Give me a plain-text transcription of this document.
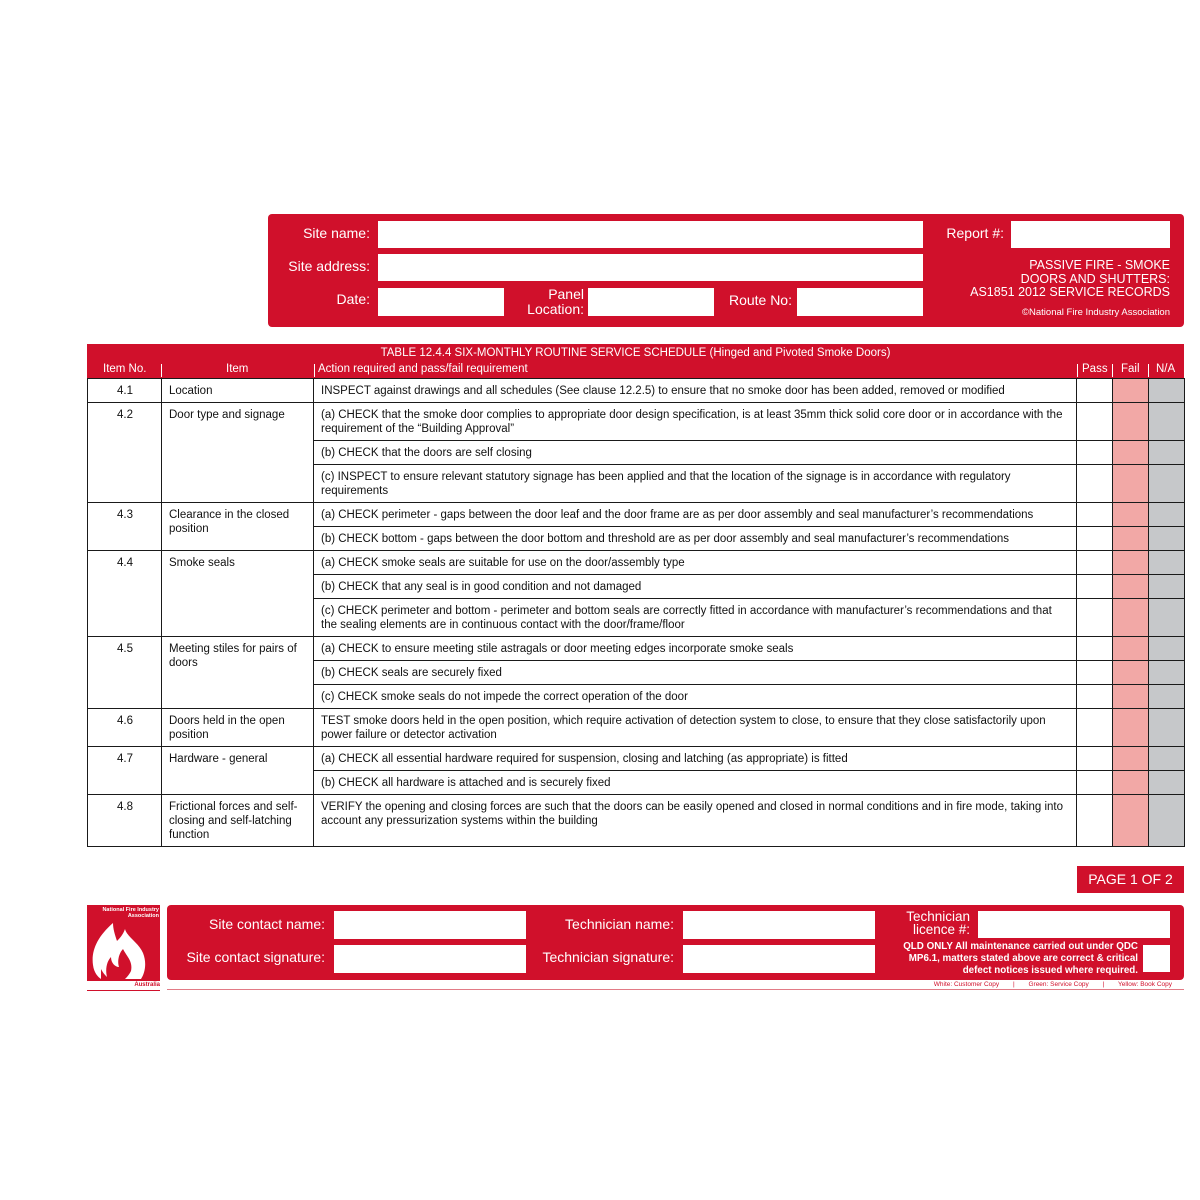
Site name:
Site address:
Date:	Panel
Location:
Route No:
Report #:
PASSIVE FIRE - SMOKE
DOORS AND SHUTTERS:
AS1851 2012 SERVICE RECORDS
©National Fire Industry Association
TABLE 12.4.4 SIX-MONTHLY ROUTINE SERVICE SCHEDULE (Hinged and Pivoted Smoke Doors)
Item No.	Item	Action required and pass/fail requirement	Pass Fail N/A
4.1	Location	INSPECT against drawings and all schedules (See clause 12.2.5) to ensure that no smoke door has been added, removed or modified			
4.2	Door type and signage	(a) CHECK that the smoke door complies to appropriate door design specification, is at least 35mm thick solid core door or in accordance with the requirement of the “Building Approval”			
		(b) CHECK that the doors are self closing			
		(c) INSPECT to ensure relevant statutory signage has been applied and that the location of the signage is in accordance with regulatory requirements			
4.3	Clearance in the closed position	(a) CHECK perimeter - gaps between the door leaf and the door frame are as per door assembly and seal manufacturer’s recommendations			
		(b) CHECK bottom - gaps between the door bottom and threshold are as per door assembly and seal manufacturer’s recommendations			
4.4	Smoke seals	(a) CHECK smoke seals are suitable for use on the door/assembly type			
		(b) CHECK that any seal is in good condition and not damaged			
		(c) CHECK perimeter and bottom - perimeter and bottom seals are correctly fitted in accordance with manufacturer’s recommendations and that the sealing elements are in continuous contact with the door/frame/floor			
4.5	Meeting stiles for pairs of doors	(a) CHECK to ensure meeting stile astragals or door meeting edges incorporate smoke seals			
		(b) CHECK seals are securely fixed			
		(c) CHECK smoke seals do not impede the correct operation of the door			
4.6	Doors held in the open position	TEST smoke doors held in the open position, which require activation of detection system to close, to ensure that they close satisfactorily upon power failure or detector activation			
4.7	Hardware - general	(a) CHECK all essential hardware required for suspension, closing and latching (as appropriate) is fitted			
		(b) CHECK all hardware is attached and is securely fixed			
4.8	Frictional forces and self-closing and self-latching function	VERIFY the opening and closing forces are such that the doors can be easily opened and closed in normal conditions and in fire mode, taking into account any pressurization systems within the building			
PAGE 1 OF 2
National Fire Industry Association
Australia
Site contact name:
Site contact signature:
Technician name:
Technician signature:
Technician
licence #:
QLD ONLY All maintenance carried out under QDC MP6.1, matters stated above are correct & critical defect notices issued where required.
White: Customer Copy | Green: Service Copy | Yellow: Book Copy
